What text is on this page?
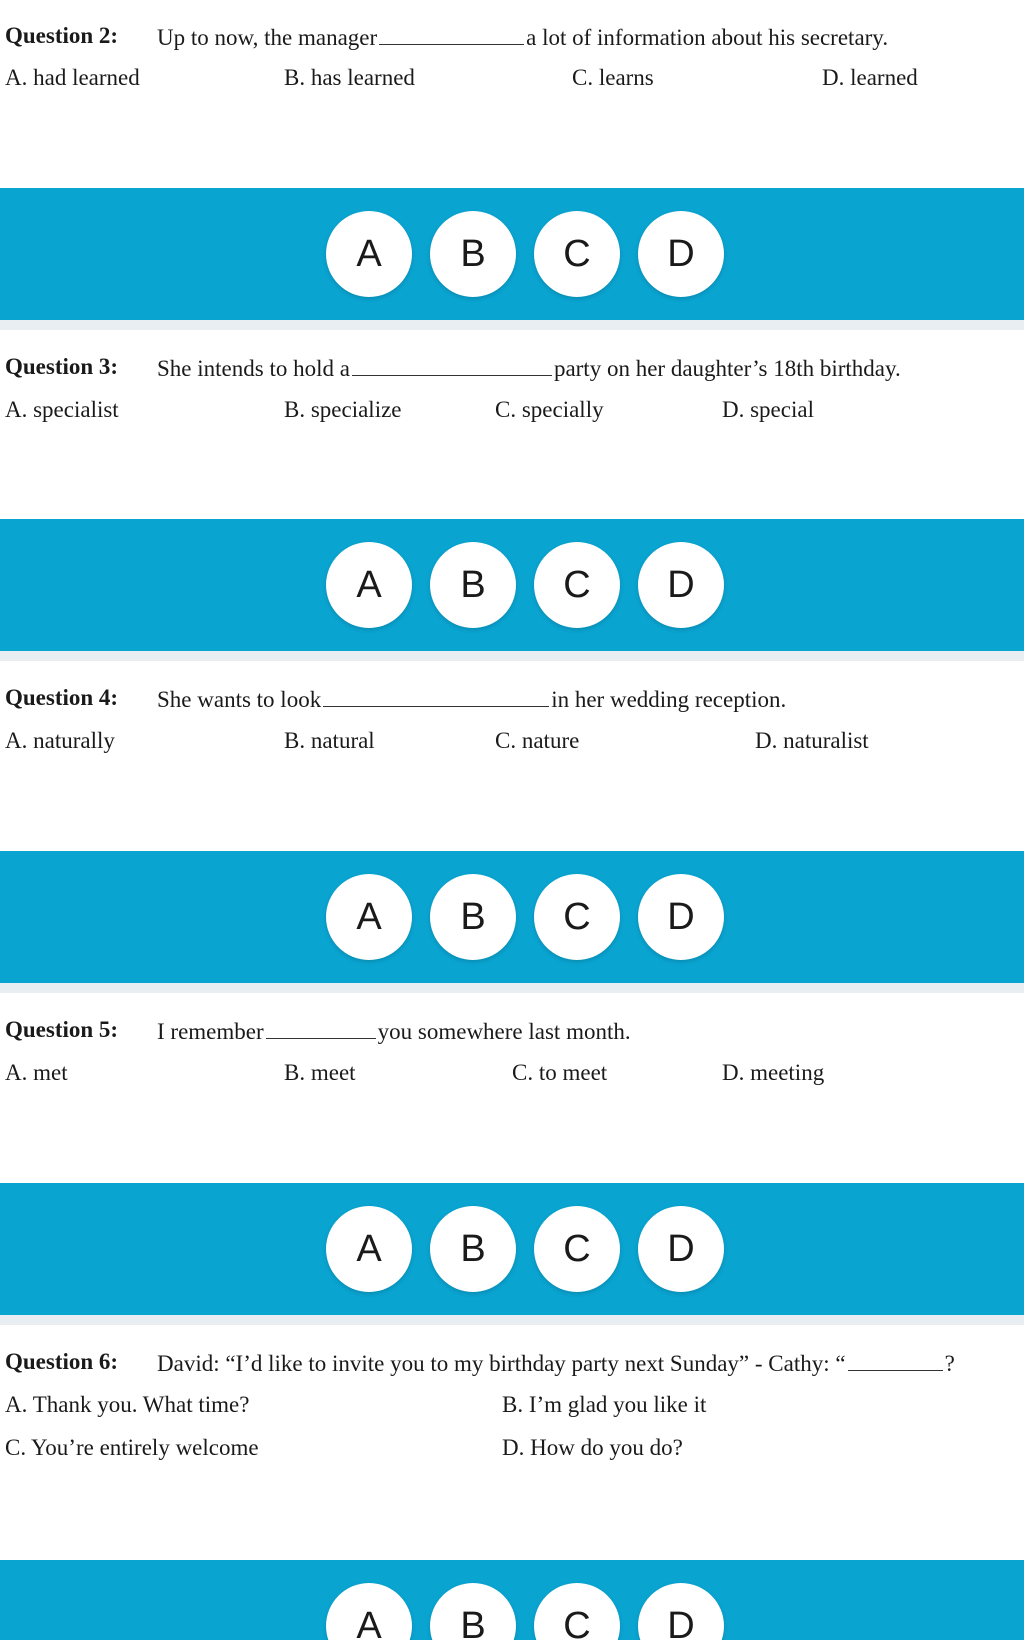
Question 2: Up to now, the manager	a lot of information about his secretary.
A. had learned	B. has learned	C. learns	D. learned
A	B	C	D
Question 3: She intends to hold a	party on her daughter’s 18th birthday.
A. specialist	B. specialize	C. specially	D. special
A	B	C	D
Question 4: She wants to look	in her wedding reception.
A. naturally	B. natural	C. nature	D. naturalist
A	B	C	D
Question 5: I remember	you somewhere last month.
A. met	B. meet	C. to meet	D. meeting
A	B	C	D
Question 6: David: “I’d like to invite you to my birthday party next Sunday” - Cathy: “	?
A. Thank you. What time?	B. I’m glad you like it
C. You’re entirely welcome	D. How do you do?
A	B	C	D
